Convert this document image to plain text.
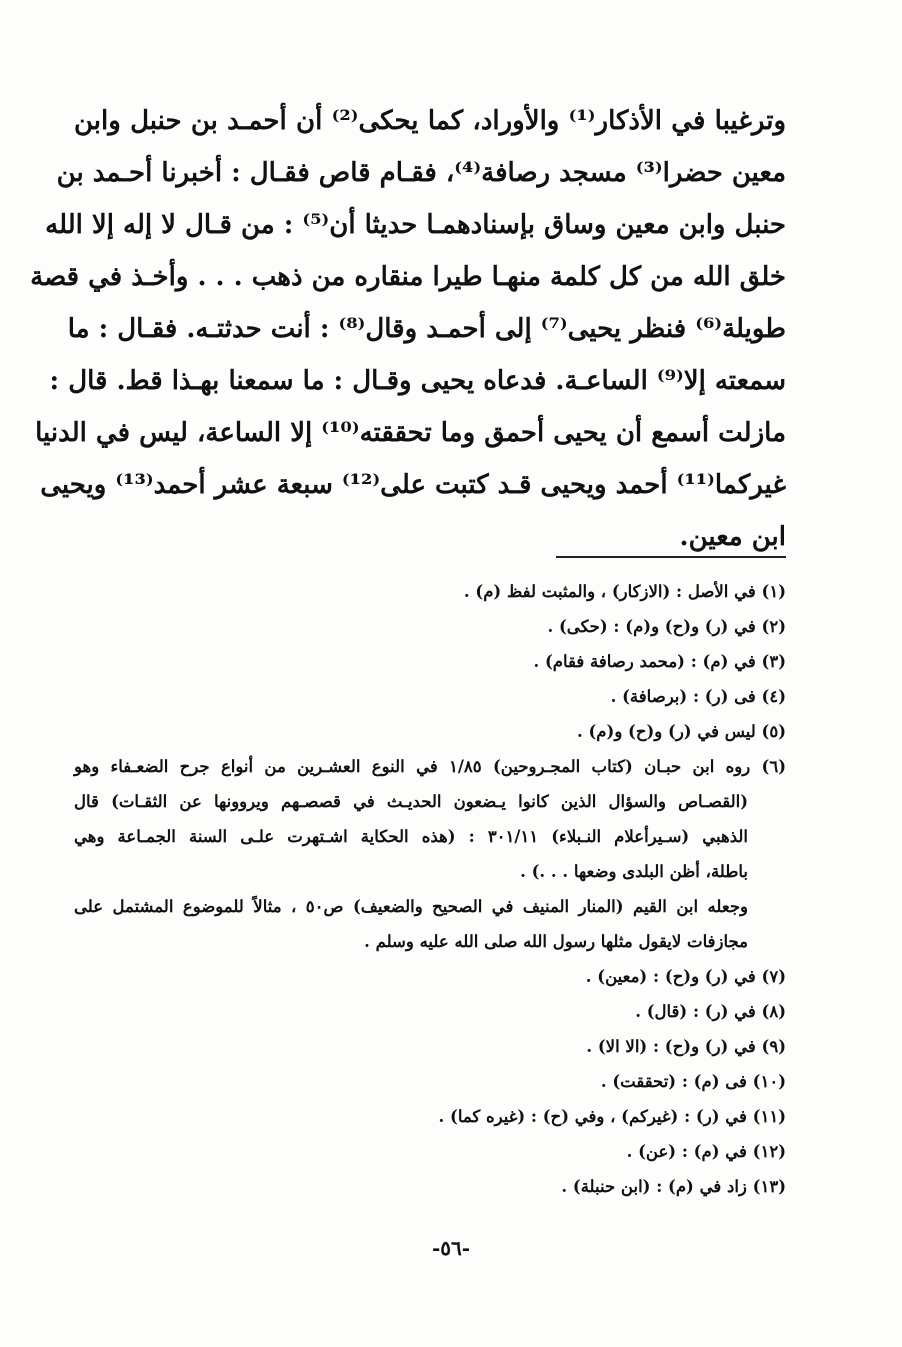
وترغيبا في الأذكار⁽¹⁾ والأوراد، كما يحكى⁽²⁾ أن أحمـد بن حنبل وابن
معين حضرا⁽³⁾ مسجد رصافة⁽⁴⁾، فقـام قاص فقـال : أخبرنا أحـمد بن
حنبل وابن معين وساق بإسنادهمـا حديثا أن⁽⁵⁾ : من قـال لا إله إلا الله
خلق الله من كل كلمة منهـا طيرا منقاره من ذهب . . . وأخـذ في قصة
طويلة⁽⁶⁾ فنظر يحيى⁽⁷⁾ إلى أحمـد وقال⁽⁸⁾ : أنت حدثتـه. فقـال : ما
سمعته إلا⁽⁹⁾ الساعـة. فدعاه يحيى وقـال : ما سمعنا بهـذا قط. قال :
مازلت أسمع أن يحيى أحمق وما تحققته⁽¹⁰⁾ إلا الساعة، ليس في الدنيا
غيركما⁽¹¹⁾ أحمد ويحيى قـد كتبت على⁽¹²⁾ سبعة عشر أحمد⁽¹³⁾ ويحيى
ابن معين.
(١) في الأصل : (الازكار) ، والمثبت لفظ (م) .
(٢) في (ر) و(ح) و(م) : (حكى) .
(٣) في (م) : (محمد رصافة فقام) .
(٤) فى (ر) : (برصافة) .
(٥) ليس في (ر) و(ح) و(م) .
(٦) روه ابن حبـان (كتاب المجـروحين) ١/٨٥ في النوع العشـرين من أنواع جرح الضعـفاء وهو
(القصـاص والسؤال الذين كانوا يـضعون الحديـث في قصصـهم ويروونها عن الثقـات) قال
الذهبي (سـيرأعلام النـبلاء) ٣٠١/١١ : (هذه الحكاية اشـتهرت علـى السنة الجمـاعة وهي
باطلة، أظن البلدى وضعها . . .) .
وجعله ابن القيم (المنار المنيف في الصحيح والضعيف) ص٥٠ ، مثالاً للموضوع المشتمل على
مجازفات لايقول مثلها رسول الله صلى الله عليه وسلم .
(٧) في (ر) و(ح) : (معين) .
(٨) في (ر) : (قال) .
(٩) في (ر) و(ح) : (الا الا) .
(١٠) فى (م) : (تحققت) .
(١١) في (ر) : (غيركم) ، وفي (ح) : (غيره كما) .
(١٢) في (م) : (عن) .
(١٣) زاد في (م) : (ابن حنبلة) .
-٥٦-
